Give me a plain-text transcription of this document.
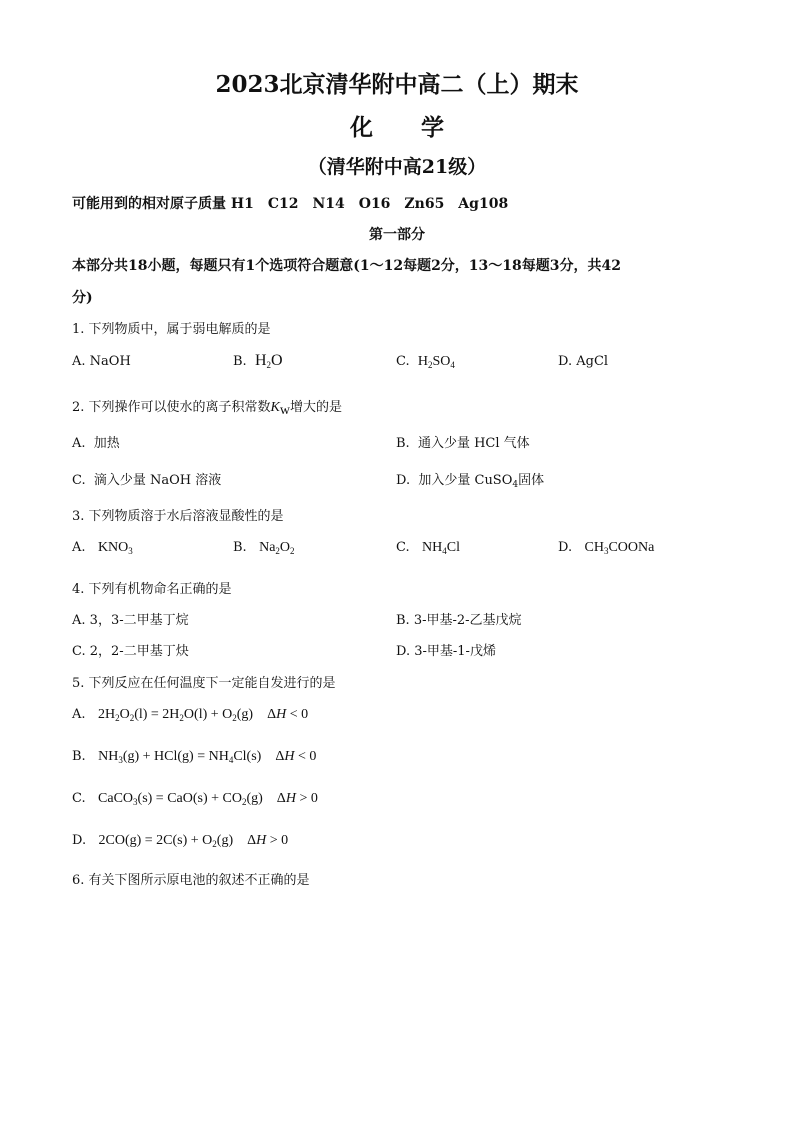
2023北京清华附中高二（上）期末
化 学
（清华附中高21级）
可能用到的相对原子质量 H1　C12　N14　O16　Zn65　Ag108
第一部分
本部分共18小题，每题只有1个选项符合题意(1～12每题2分，13～18每题3分，共42
分)
1. 下列物质中，属于弱电解质的是
A. NaOH	B. $H_2O$	C. $H_2SO_4$	D. AgCl
2. 下列操作可以使水的离子积常数$K_w$增大的是
A. 加热	B. 通入少量 HCl 气体
C. 滴入少量 NaOH 溶液	D. 加入少量 CuSO$_4$固体
3. 下列物质溶于水后溶液显酸性的是
A. $KNO_3$	B. $Na_2O_2$	C. $NH_4Cl$	D. $CH_3COONa$
4. 下列有机物命名正确的是
A. 3，3-二甲基丁烷	B. 3-甲基-2-乙基戊烷
C. 2，2-二甲基丁炔	D. 3-甲基-1-戊烯
5. 下列反应在任何温度下一定能自发进行的是
A. $2H_2O_2(l) = 2H_2O(l) + O_2(g)$    ΔH < 0
B. $NH_3(g) + HCl(g) = NH_4Cl(s)$    ΔH < 0
C. CaCO$_3$(s) = $CaO(s) + CO_2(g)$    ΔH > 0
D. $2CO(g) = 2C(s) + O_2(g)$    ΔH > 0
6. 有关下图所示原电池的叙述不正确的是
